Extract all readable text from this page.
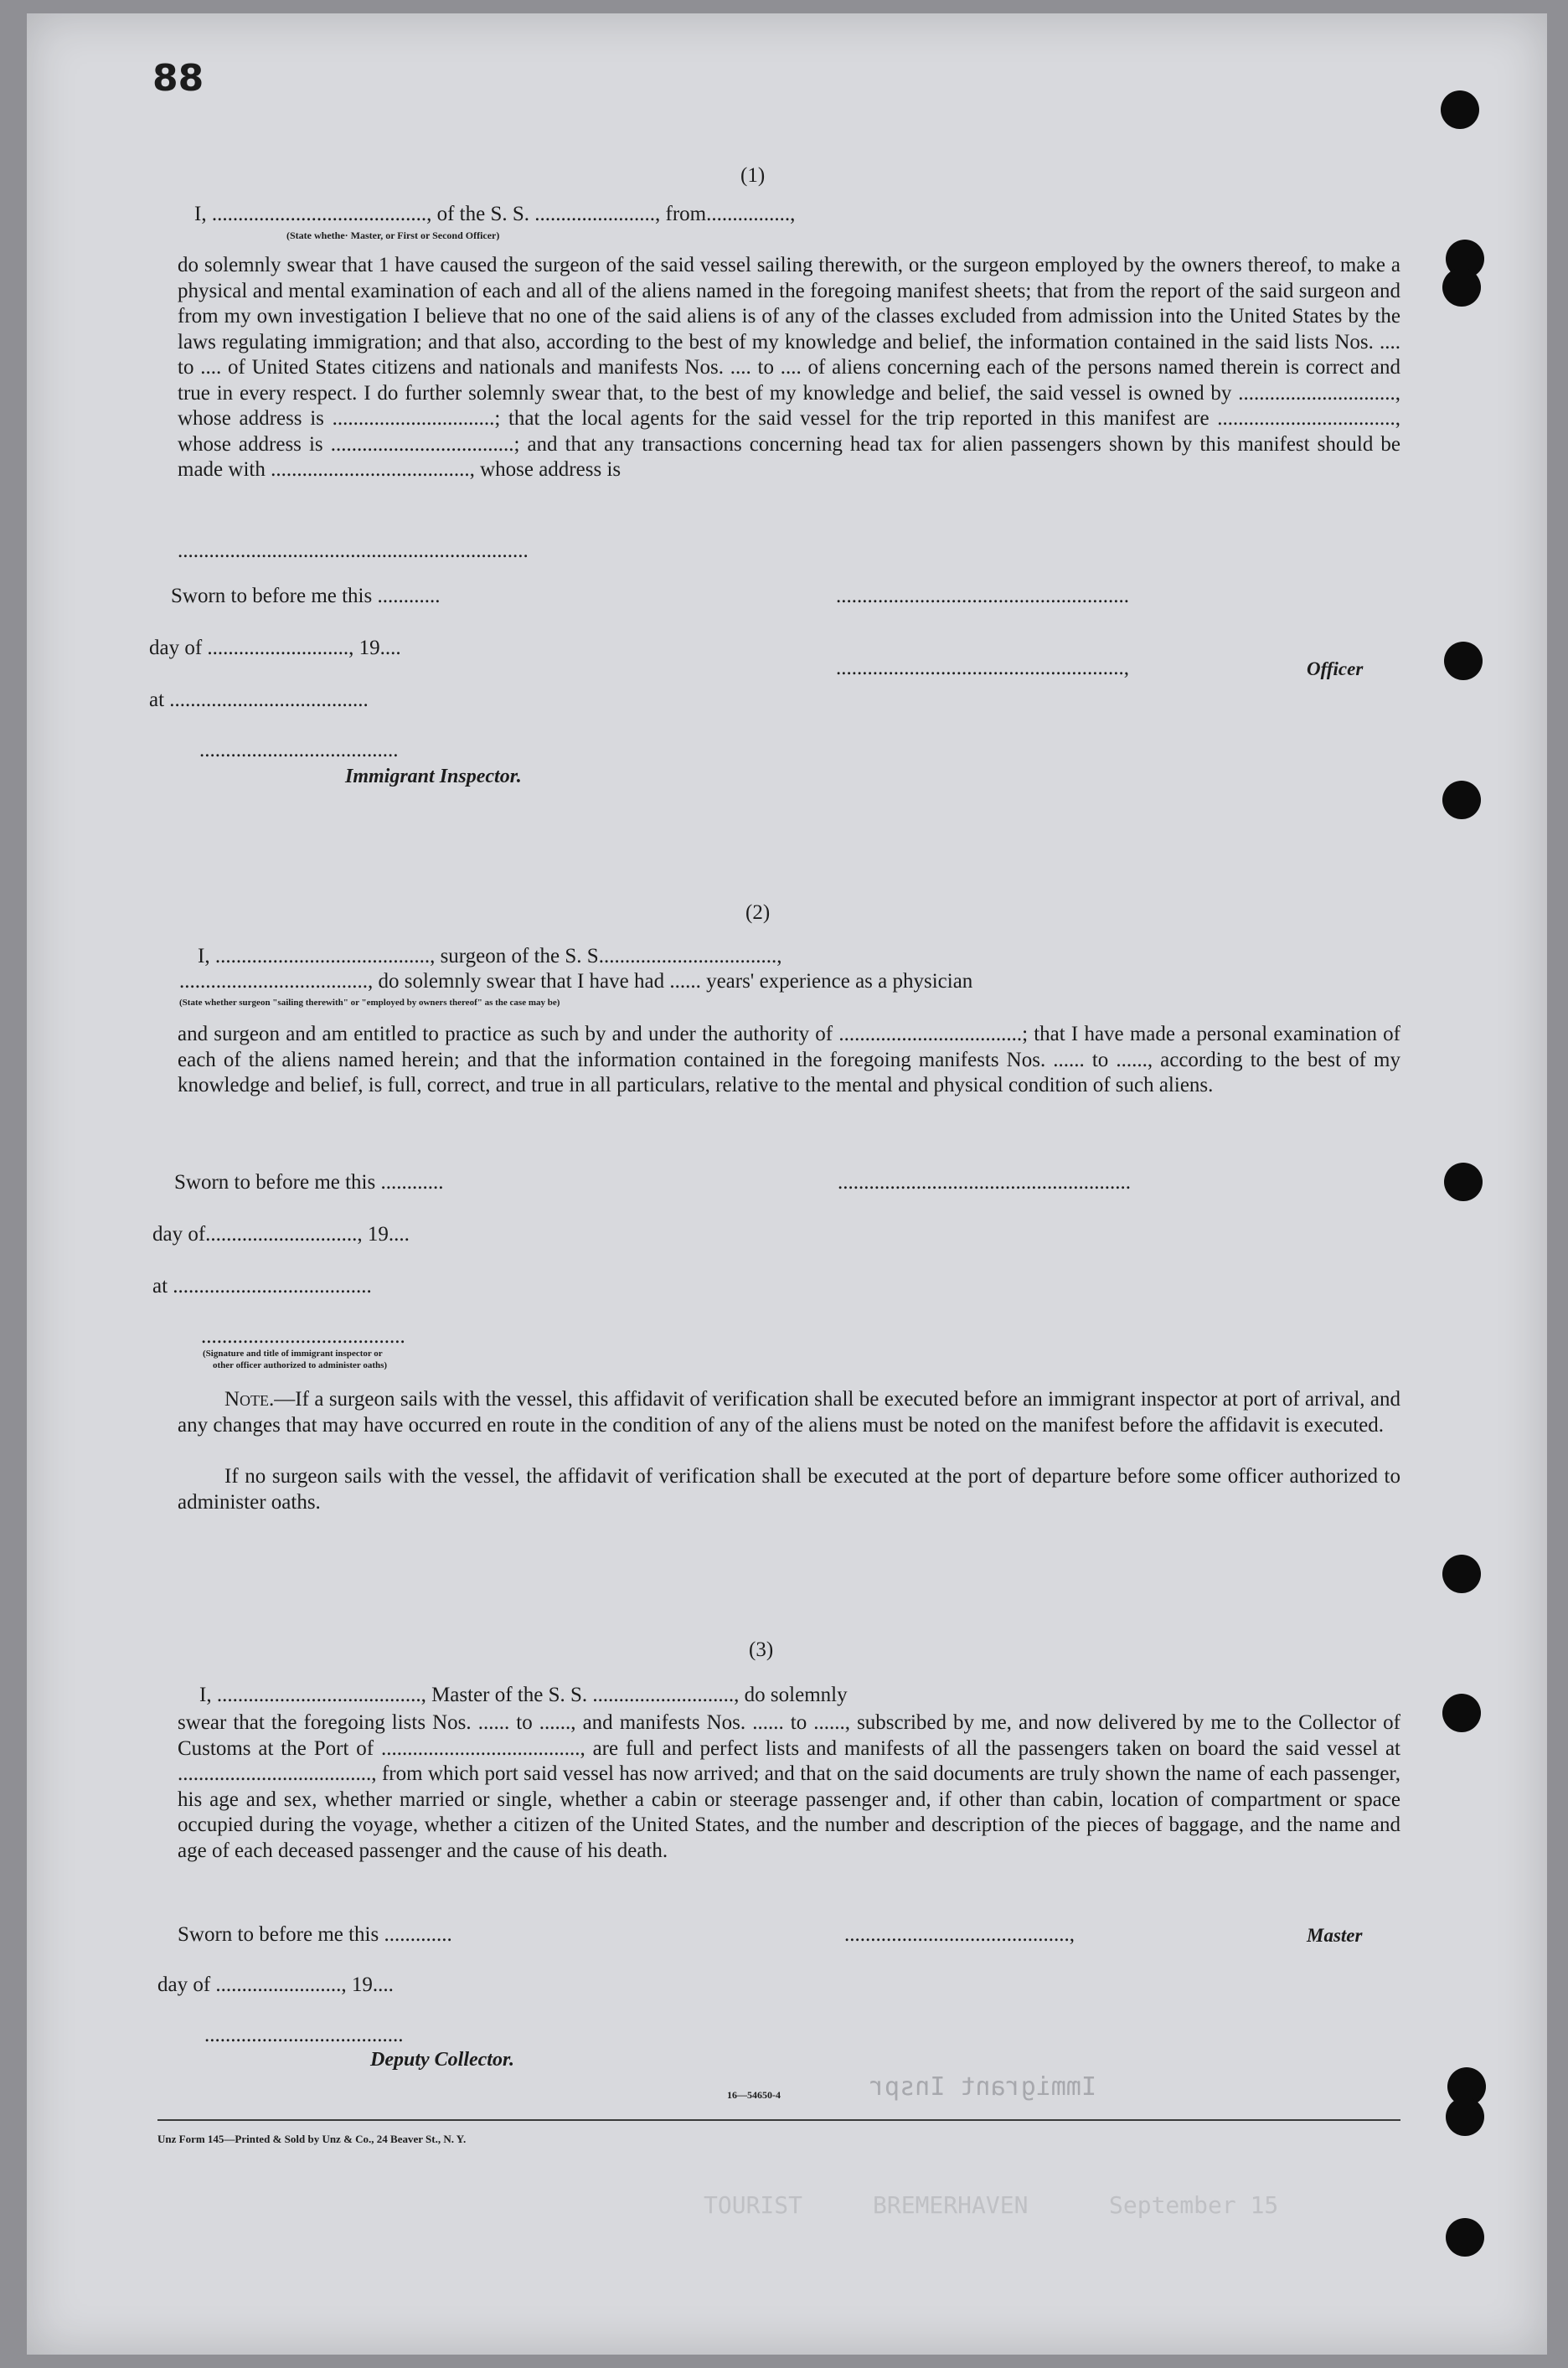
88
(1)
I, ........................................., of the S. S. ......................., from................,
(State whethe· Master, or First or Second Officer)

do solemnly swear that 1 have caused the surgeon of the said vessel sailing therewith, or the surgeon employed by the owners thereof, to make a physical and mental examination of each and all of the aliens named in the foregoing manifest sheets; that from the report of the said surgeon and from my own investigation I believe that no one of the said aliens is of any of the classes excluded from admission into the United States by the laws regulating immigration; and that also, according to the best of my knowledge and belief, the information contained in the said lists Nos. .... to .... of United States citizens and nationals and manifests Nos. .... to .... of aliens concerning each of the persons named therein is correct and true in every respect. I do further solemnly swear that, to the best of my knowledge and belief, the said vessel is owned by .............................., whose address is ...............................; that the local agents for the said vessel for the trip reported in this manifest are .................................., whose address is ...................................; and that any transactions concerning head tax for alien passengers shown by this manifest should be made with ......................................, whose address is

...................................................................
Sworn to before me this ............	........................................................
day of ..........................., 19....
.......................................................,	Officer
at ......................................
......................................
Immigrant Inspector.
(2)
I, ........................................., surgeon of the S. S..................................,
...................................., do solemnly swear that I have had ...... years' experience as a physician
(State whether surgeon "sailing therewith" or "employed by owners thereof" as the case may be)

and surgeon and am entitled to practice as such by and under the authority of ...................................; that I have made a personal examination of each of the aliens named herein; and that the information contained in the foregoing manifests Nos. ...... to ......, according to the best of my knowledge and belief, is full, correct, and true in all particulars, relative to the mental and physical condition of such aliens.

Sworn to before me this ............	........................................................
day of............................., 19....
at ......................................
.......................................
(Signature and title of immigrant inspector or
other officer authorized to administer oaths)

Note.—If a surgeon sails with the vessel, this affidavit of verification shall be executed before an immigrant inspector at port of arrival, and any changes that may have occurred en route in the condition of any of the aliens must be noted on the manifest before the affidavit is executed.

If no surgeon sails with the vessel, the affidavit of verification shall be executed at the port of departure before some officer authorized to administer oaths.

(3)
I, ......................................., Master of the S. S. ..........................., do solemnly

swear that the foregoing lists Nos. ...... to ......, and manifests Nos. ...... to ......, subscribed by me, and now delivered by me to the Collector of Customs at the Port of ......................................, are full and perfect lists and manifests of all the passengers taken on board the said vessel at ....................................., from which port said vessel has now arrived; and that on the said documents are truly shown the name of each passenger, his age and sex, whether married or single, whether a cabin or steerage passenger and, if other than cabin, location of compartment or space occupied during the voyage, whether a citizen of the United States, and the number and description of the pieces of baggage, and the name and age of each deceased passenger and the cause of his death.

Sworn to before me this .............	...........................................,	Master
day of ........................, 19....
......................................
Deputy Collector.
16—54650-4	Immigrant Inspr
Unz Form 145—Printed & Sold by Unz & Co., 24 Beaver St., N. Y.
TOURIST	BREMERHAVEN	September 15
